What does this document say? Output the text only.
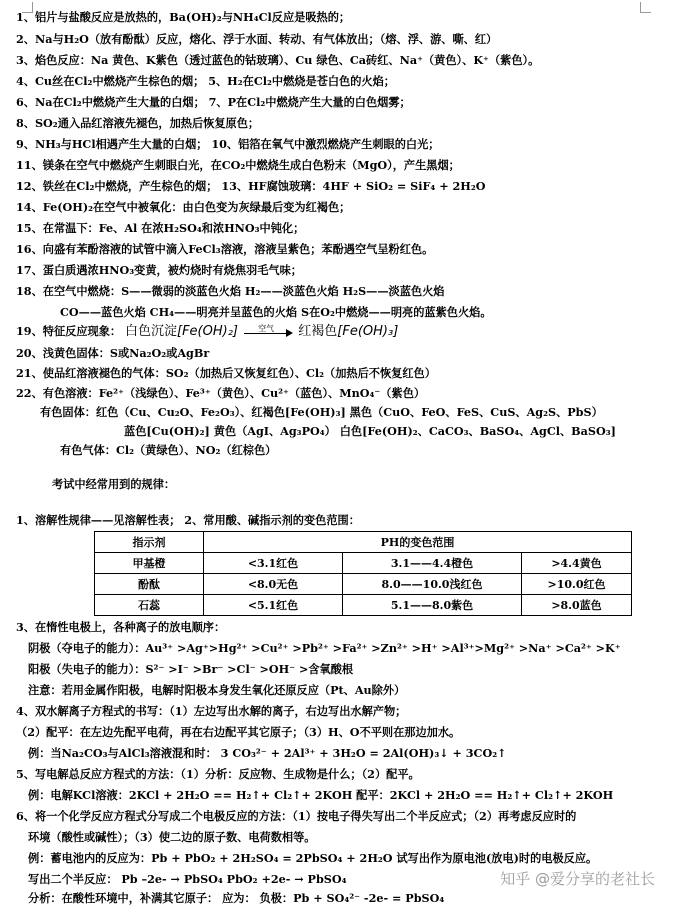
1、铝片与盐酸反应是放热的，Ba(OH)₂与NH₄Cl反应是吸热的；
2、Na与H₂O（放有酚酞）反应，熔化、浮于水面、转动、有气体放出；（熔、浮、游、嘶、红）
3、焰色反应：Na 黄色、K紫色（透过蓝色的钴玻璃）、Cu 绿色、Ca砖红、Na⁺（黄色）、K⁺（紫色）。
4、Cu丝在Cl₂中燃烧产生棕色的烟； 5、H₂在Cl₂中燃烧是苍白色的火焰；
6、Na在Cl₂中燃烧产生大量的白烟； 7、P在Cl₂中燃烧产生大量的白色烟雾；
8、SO₂通入品红溶液先褪色，加热后恢复原色；
9、NH₃与HCl相遇产生大量的白烟； 10、铝箔在氧气中激烈燃烧产生刺眼的白光；
11、镁条在空气中燃烧产生刺眼白光，在CO₂中燃烧生成白色粉末（MgO），产生黑烟；
12、铁丝在Cl₂中燃烧，产生棕色的烟； 13、HF腐蚀玻璃：4HF + SiO₂ = SiF₄ + 2H₂O
14、Fe(OH)₂在空气中被氧化：由白色变为灰绿最后变为红褐色；
15、在常温下：Fe、Al 在浓H₂SO₄和浓HNO₃中钝化；
16、向盛有苯酚溶液的试管中滴入FeCl₃溶液，溶液呈紫色；苯酚遇空气呈粉红色。
17、蛋白质遇浓HNO₃变黄，被灼烧时有烧焦羽毛气味；
18、在空气中燃烧：S——微弱的淡蓝色火焰 H₂——淡蓝色火焰 H₂S——淡蓝色火焰
CO——蓝色火焰 CH₄——明亮并呈蓝色的火焰 S在O₂中燃烧——明亮的蓝紫色火焰。
19、特征反应现象： 白色沉淀[Fe(OH)₂]	空气 红褐色[Fe(OH)₃]
20、浅黄色固体：S或Na₂O₂或AgBr
21、使品红溶液褪色的气体：SO₂（加热后又恢复红色）、Cl₂（加热后不恢复红色）
22、有色溶液：Fe²⁺（浅绿色）、Fe³⁺（黄色）、Cu²⁺（蓝色）、MnO₄⁻（紫色）
有色固体：红色（Cu、Cu₂O、Fe₂O₃）、红褐色[Fe(OH)₃] 黑色（CuO、FeO、FeS、CuS、Ag₂S、PbS）
蓝色[Cu(OH)₂] 黄色（AgI、Ag₃PO₄） 白色[Fe(OH)₂、CaCO₃、BaSO₄、AgCl、BaSO₃]
有色气体：Cl₂（黄绿色）、NO₂（红棕色）
考试中经常用到的规律：
1、溶解性规律——见溶解性表； 2、常用酸、碱指示剂的变色范围：
指示剂	PH的变色范围		
甲基橙	<3.1红色	3.1——4.4橙色	>4.4黄色
酚酞	<8.0无色	8.0——10.0浅红色	>10.0红色
石蕊	<5.1红色	5.1——8.0紫色	>8.0蓝色
3、在惰性电极上，各种离子的放电顺序：
阴极（夺电子的能力）：Au³⁺ >Ag⁺>Hg²⁺ >Cu²⁺ >Pb²⁺ >Fa²⁺ >Zn²⁺ >H⁺ >Al³⁺>Mg²⁺ >Na⁺ >Ca²⁺ >K⁺
阳极（失电子的能力）：S²⁻ >I⁻ >Br⁻ >Cl⁻ >OH⁻ >含氧酸根
注意：若用金属作阳极，电解时阳极本身发生氧化还原反应（Pt、Au除外）
4、双水解离子方程式的书写：（1）左边写出水解的离子，右边写出水解产物；
（2）配平：在左边先配平电荷，再在右边配平其它原子；（3）H、O不平则在那边加水。
例：当Na₂CO₃与AlCl₃溶液混和时： 3 CO₃²⁻ + 2Al³⁺ + 3H₂O = 2Al(OH)₃↓ + 3CO₂↑
5、写电解总反应方程式的方法：（1）分析：反应物、生成物是什么；（2）配平。
例：电解KCl溶液：2KCl + 2H₂O == H₂↑+ Cl₂↑+ 2KOH 配平：2KCl + 2H₂O == H₂↑+ Cl₂↑+ 2KOH
6、将一个化学反应方程式分写成二个电极反应的方法：（1）按电子得失写出二个半反应式；（2）再考虑反应时的
环境（酸性或碱性）；（3）使二边的原子数、电荷数相等。
例：蓄电池内的反应为：Pb + PbO₂ + 2H₂SO₄ = 2PbSO₄ + 2H₂O 试写出作为原电池(放电)时的电极反应。
写出二个半反应： Pb –2e- → PbSO₄ PbO₂ +2e- → PbSO₄
分析：在酸性环境中，补满其它原子： 应为： 负极：Pb + SO₄²⁻ -2e- = PbSO₄
知乎 @爱分享的老社长
